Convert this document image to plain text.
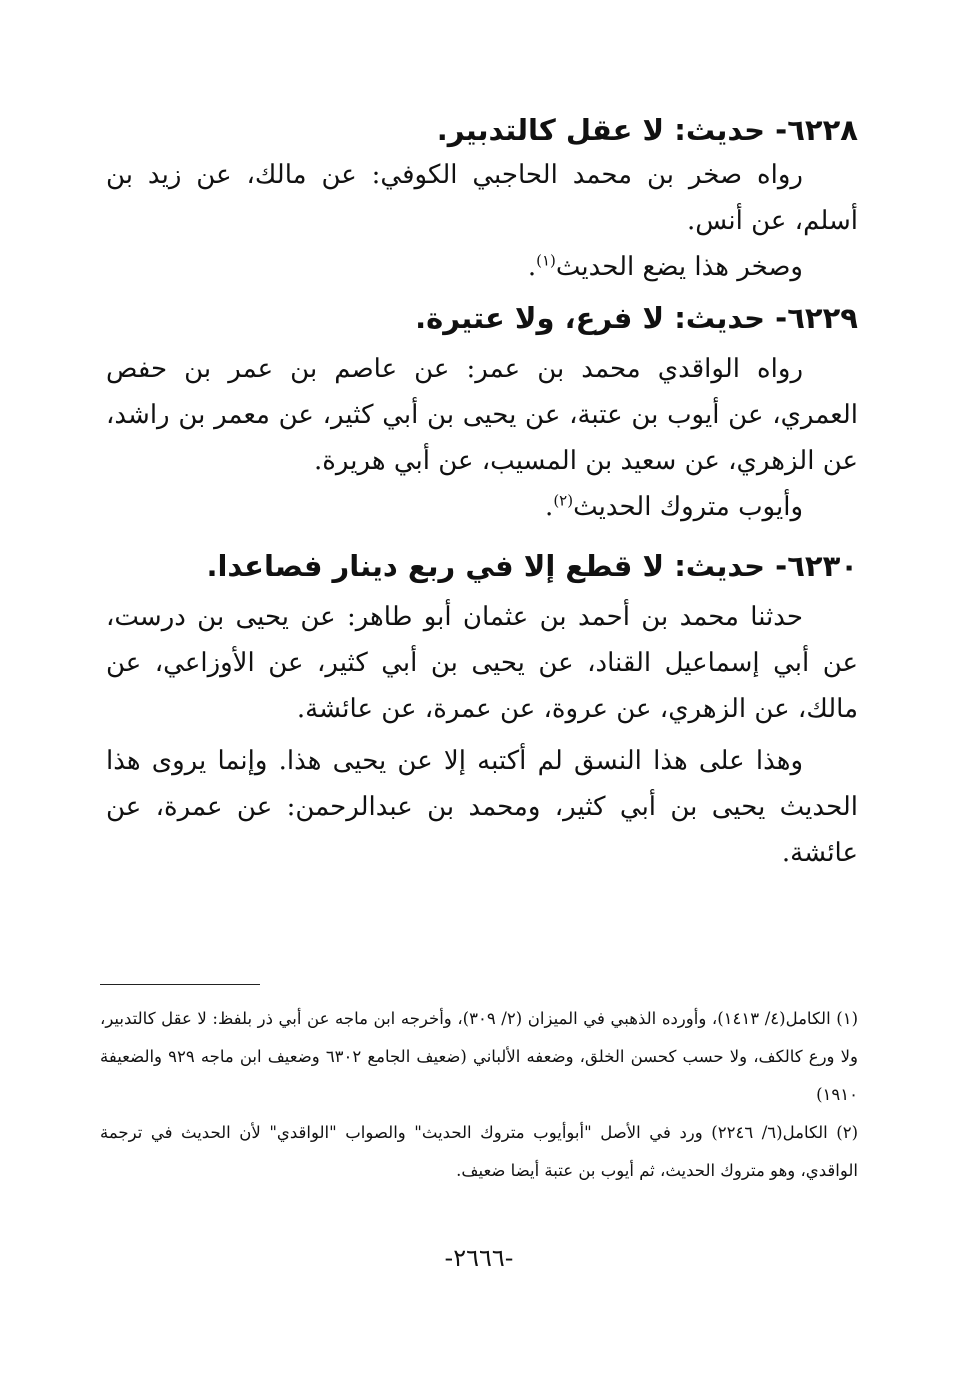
٦٢٢٨- حديث: لا عقل كالتدبير.

رواه صخر بن محمد الحاجبي الكوفي: عن مالك، عن زيد بن أسلم، عن أنس.

وصخر هذا يضع الحديث$^{(١)}$.

٦٢٢٩- حديث: لا فرع، ولا عتيرة.

رواه الواقدي محمد بن عمر: عن عاصم بن عمر بن حفص العمري، عن أيوب بن عتبة، عن يحيى بن أبي كثير، عن معمر بن راشد، عن الزهري، عن سعيد بن المسيب، عن أبي هريرة.

وأيوب متروك الحديث$^{(٢)}$.

٦٢٣٠- حديث: لا قطع إلا في ربع دينار فصاعدا.

حدثنا محمد بن أحمد بن عثمان أبو طاهر: عن يحيى بن درست، عن أبي إسماعيل القناد، عن يحيى بن أبي كثير، عن الأوزاعي، عن مالك، عن الزهري، عن عروة، عن عمرة، عن عائشة.

وهذا على هذا النسق لم أكتبه إلا عن يحيى هذا. وإنما يروى هذا الحديث يحيى بن أبي كثير، ومحمد بن عبدالرحمن: عن عمرة، عن عائشة.

(١) الكامل(٤/ ١٤١٣)، وأورده الذهبي في الميزان (٢/ ٣٠٩)، وأخرجه ابن ماجه عن أبي ذر بلفظ: لا عقل كالتدبير، ولا ورع كالكف، ولا حسب كحسن الخلق، وضعفه الألباني (ضعيف الجامع ٦٣٠٢ وضعيف ابن ماجه ٩٢٩ والضعيفة ١٩١٠)

(٢) الكامل(٦/ ٢٢٤٦) ورد في الأصل "أبوأيوب متروك الحديث" والصواب "الواقدي" لأن الحديث في ترجمة الواقدي، وهو متروك الحديث، ثم أيوب بن عتبة أيضا ضعيف.

-٢٦٦٦-
